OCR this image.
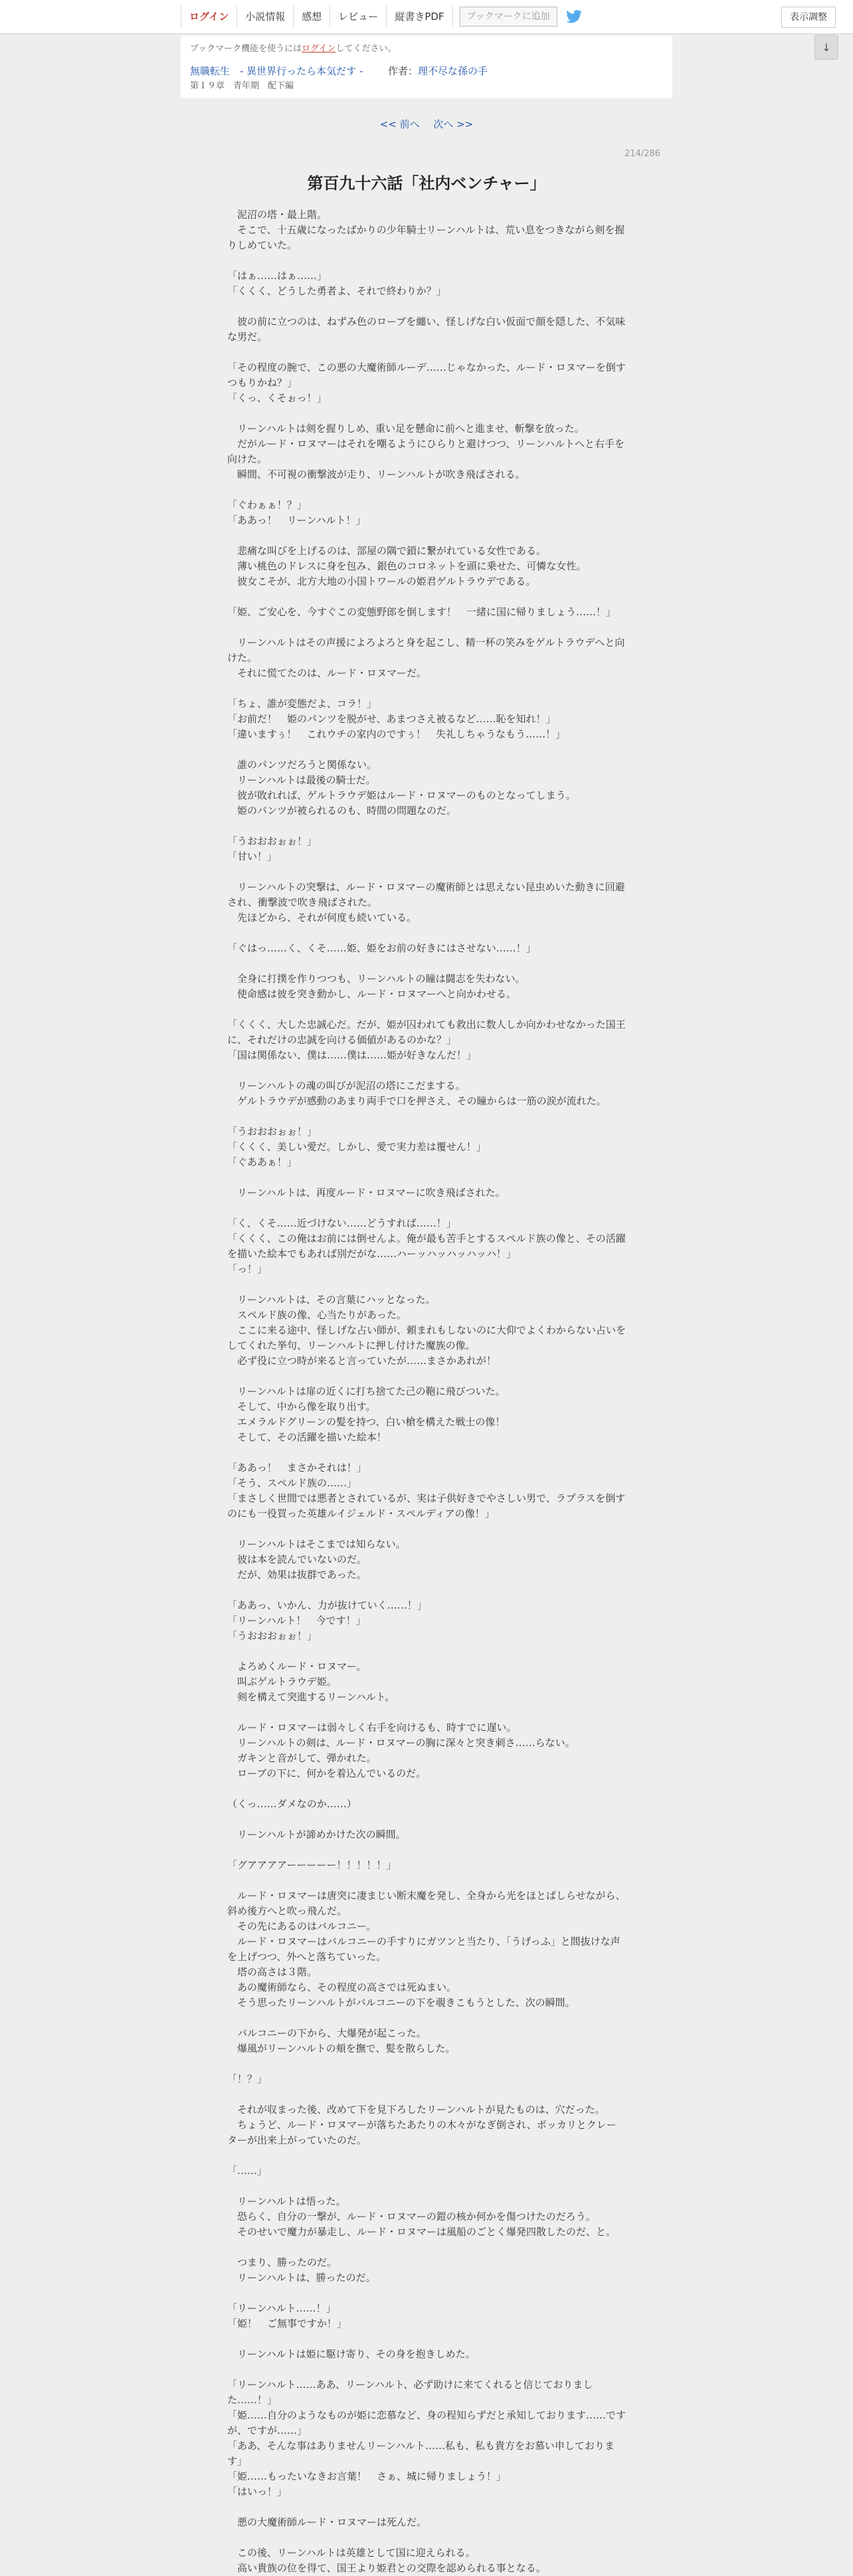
ログイン	小説情報	感想	レビュー	縦書きPDF	ブックマークに追加	表示調整
↓
ブックマーク機能を使うにはログインしてください。
無職転生　- 異世界行ったら本気だす -	作者：理不尽な孫の手
第１９章　青年期　配下編
<< 前へ 次へ >>
214/286
第百九十六話「社内ベンチャー」

　泥沼の塔・最上階。

　そこで、十五歳になったばかりの少年騎士リーンハルトは、荒い息をつきながら剣を握りしめていた。

「はぁ……はぁ……」

「くくく、どうした勇者よ、それで終わりか？」

　彼の前に立つのは、ねずみ色のローブを纏い、怪しげな白い仮面で顔を隠した、不気味な男だ。

「その程度の腕で、この悪の大魔術師ルーデ……じゃなかった、ルード・ロヌマーを倒すつもりかね？」

「くっ、くそぉっ！」

　リーンハルトは剣を握りしめ、重い足を懸命に前へと進ませ、斬撃を放った。

　だがルード・ロヌマーはそれを嘲るようにひらりと避けつつ、リーンハルトへと右手を向けた。

　瞬間、不可視の衝撃波が走り、リーンハルトが吹き飛ばされる。

「ぐわぁぁ！？」

「ああっ！　リーンハルト！」

　悲痛な叫びを上げるのは、部屋の隅で鎖に繋がれている女性である。

　薄い桃色のドレスに身を包み、銀色のコロネットを頭に乗せた、可憐な女性。

　彼女こそが、北方大地の小国トワールの姫君ゲルトラウデである。

「姫、ご安心を、今すぐこの変態野郎を倒します！　一緒に国に帰りましょう……！」

　リーンハルトはその声援によろよろと身を起こし、精一杯の笑みをゲルトラウデへと向けた。

　それに慌てたのは、ルード・ロヌマーだ。

「ちょ、誰が変態だよ、コラ！」

「お前だ！　姫のパンツを脱がせ、あまつさえ被るなど……恥を知れ！」

「違いますぅ！　これウチの家内のですぅ！　失礼しちゃうなもう……！」

　誰のパンツだろうと関係ない。

　リーンハルトは最後の騎士だ。

　彼が敗れれば、ゲルトラウデ姫はルード・ロヌマーのものとなってしまう。

　姫のパンツが被られるのも、時間の問題なのだ。

「うおおおぉぉ！」

「甘い！」

　リーンハルトの突撃は、ルード・ロヌマーの魔術師とは思えない昆虫めいた動きに回避され、衝撃波で吹き飛ばされた。

　先ほどから、それが何度も続いている。

「ぐはっ……く、くそ……姫、姫をお前の好きにはさせない……！」

　全身に打撲を作りつつも、リーンハルトの瞳は闘志を失わない。

　使命感は彼を突き動かし、ルード・ロヌマーへと向かわせる。

「くくく、大した忠誠心だ。だが、姫が囚われても救出に数人しか向かわせなかった国王に、それだけの忠誠を向ける価値があるのかな？」

「国は関係ない、僕は……僕は……姫が好きなんだ！」

　リーンハルトの魂の叫びが泥沼の塔にこだまする。

　ゲルトラウデが感動のあまり両手で口を押さえ、その瞳からは一筋の涙が流れた。

「うおおおぉぉ！」

「くくく、美しい愛だ。しかし、愛で実力差は覆せん！」

「ぐああぁ！」

　リーンハルトは、再度ルード・ロヌマーに吹き飛ばされた。

「く、くそ……近づけない……どうすれば……！」

「くくく、この俺はお前には倒せんよ。俺が最も苦手とするスペルド族の像と、その活躍を描いた絵本でもあれば別だがな……ハーッハッハッハッハ！」

「っ！」

　リーンハルトは、その言葉にハッとなった。

　スペルド族の像、心当たりがあった。

　ここに来る途中、怪しげな占い師が、頼まれもしないのに大仰でよくわからない占いをしてくれた挙句、リーンハルトに押し付けた魔族の像。

　必ず役に立つ時が来ると言っていたが……まさかあれが！

　リーンハルトは扉の近くに打ち捨てた己の鞄に飛びついた。

　そして、中から像を取り出す。

　エメラルドグリーンの髪を持つ、白い槍を構えた戦士の像！

　そして、その活躍を描いた絵本！

「ああっ！　まさかそれは！」

「そう、スペルド族の……」

「まさしく世間では悪者とされているが、実は子供好きでやさしい男で、ラプラスを倒すのにも一役買った英雄ルイジェルド・スペルディアの像！」

　リーンハルトはそこまでは知らない。

　彼は本を読んでいないのだ。

　だが、効果は抜群であった。

「ああっ、いかん、力が抜けていく……！」

「リーンハルト！　今です！」

「うおおおぉぉ！」

　よろめくルード・ロヌマー。

　叫ぶゲルトラウデ姫。

　剣を構えて突進するリーンハルト。

　ルード・ロヌマーは弱々しく右手を向けるも、時すでに遅い。

　リーンハルトの剣は、ルード・ロヌマーの胸に深々と突き刺さ……らない。

　ガキンと音がして、弾かれた。

　ローブの下に、何かを着込んでいるのだ。

（くっ……ダメなのか……）

　リーンハルトが諦めかけた次の瞬間。

「グアアアアーーーーー！！！！！」

　ルード・ロヌマーは唐突に凄まじい断末魔を発し、全身から光をほとばしらせながら、斜め後方へと吹っ飛んだ。

　その先にあるのはバルコニー。

　ルード・ロヌマーはバルコニーの手すりにガツンと当たり、「うげっふ」と間抜けな声を上げつつ、外へと落ちていった。

　塔の高さは３階。

　あの魔術師なら、その程度の高さでは死ぬまい。

　そう思ったリーンハルトがバルコニーの下を覗きこもうとした、次の瞬間。

　バルコニーの下から、大爆発が起こった。

　爆風がリーンハルトの頬を撫で、髪を散らした。

「！？」

　それが収まった後、改めて下を見下ろしたリーンハルトが見たものは、穴だった。

　ちょうど、ルード・ロヌマーが落ちたあたりの木々がなぎ倒され、ポッカリとクレーターが出来上がっていたのだ。

「……」

　リーンハルトは悟った。

　恐らく、自分の一撃が、ルード・ロヌマーの鎧の核か何かを傷つけたのだろう。

　そのせいで魔力が暴走し、ルード・ロヌマーは風船のごとく爆発四散したのだ、と。

　つまり、勝ったのだ。

　リーンハルトは、勝ったのだ。

「リーンハルト……！」

「姫！　ご無事ですか！」

　リーンハルトは姫に駆け寄り、その身を抱きしめた。

「リーンハルト……ああ、リーンハルト、必ず助けに来てくれると信じておりました……！」

「姫……自分のようなものが姫に恋慕など、身の程知らずだと承知しております……ですが、ですが……」

「ああ、そんな事はありませんリーンハルト……私も、私も貴方をお慕い申しております」

「姫……もったいなきお言葉！　さぁ、城に帰りましょう！」

「はいっ！」

　悪の大魔術師ルード・ロヌマーは死んだ。

　この後、リーンハルトは英雄として国に迎えられる。

　高い貴族の位を得て、国王より姫君との交際を認められる事となる。
